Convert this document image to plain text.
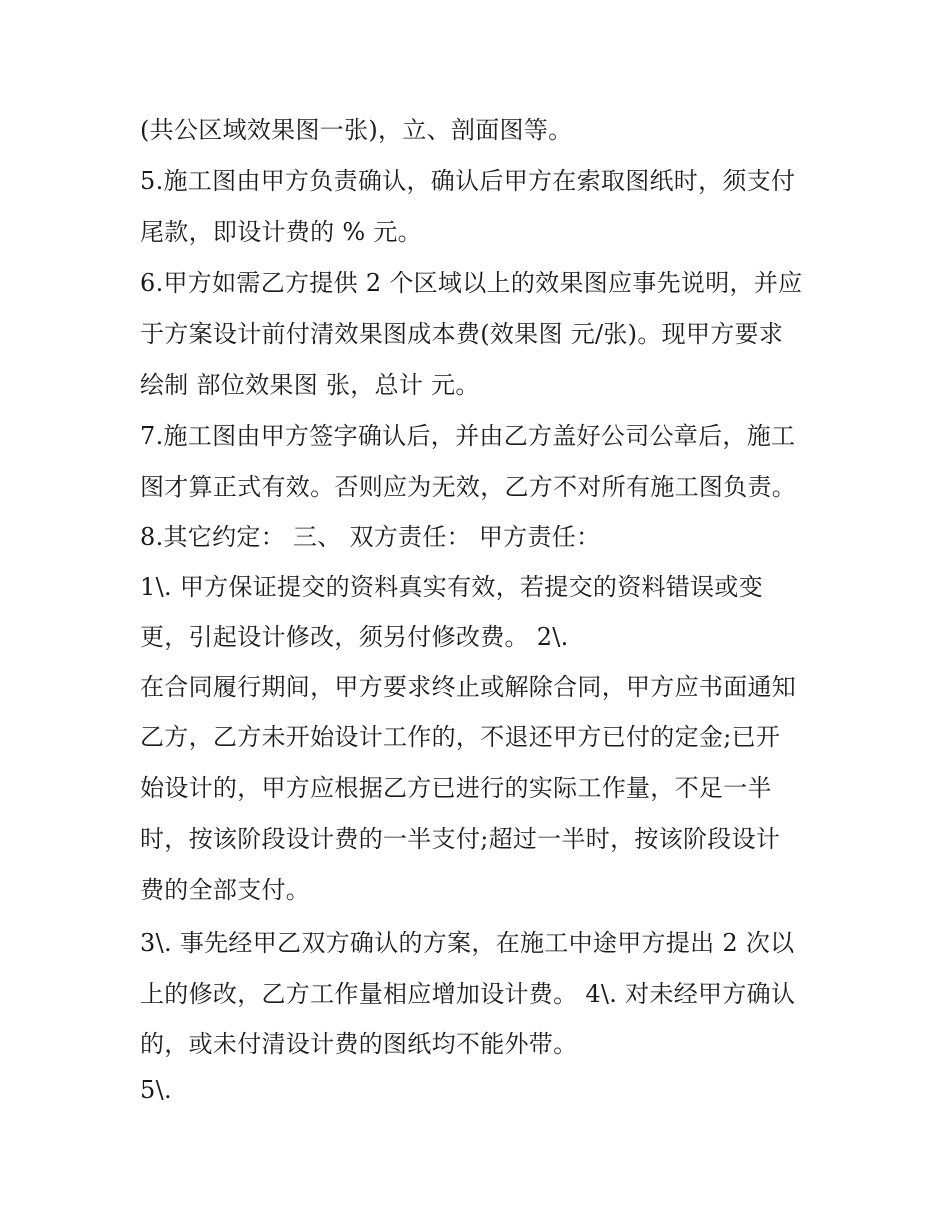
(共公区域效果图一张)，立、剖面图等。
5.施工图由甲方负责确认，确认后甲方在索取图纸时，须支付
尾款，即设计费的 % 元。
6.甲方如需乙方提供 2 个区域以上的效果图应事先说明，并应
于方案设计前付清效果图成本费(效果图 元/张)。现甲方要求
绘制 部位效果图 张，总计 元。
7.施工图由甲方签字确认后，并由乙方盖好公司公章后，施工
图才算正式有效。否则应为无效，乙方不对所有施工图负责。
8.其它约定： 三、 双方责任： 甲方责任：
1\. 甲方保证提交的资料真实有效，若提交的资料错误或变
更，引起设计修改，须另付修改费。 2\.
在合同履行期间，甲方要求终止或解除合同，甲方应书面通知
乙方，乙方未开始设计工作的，不退还甲方已付的定金;已开
始设计的，甲方应根据乙方已进行的实际工作量，不足一半
时，按该阶段设计费的一半支付;超过一半时，按该阶段设计
费的全部支付。
3\. 事先经甲乙双方确认的方案，在施工中途甲方提出 2 次以
上的修改，乙方工作量相应增加设计费。 4\. 对未经甲方确认
的，或未付清设计费的图纸均不能外带。
5\.
